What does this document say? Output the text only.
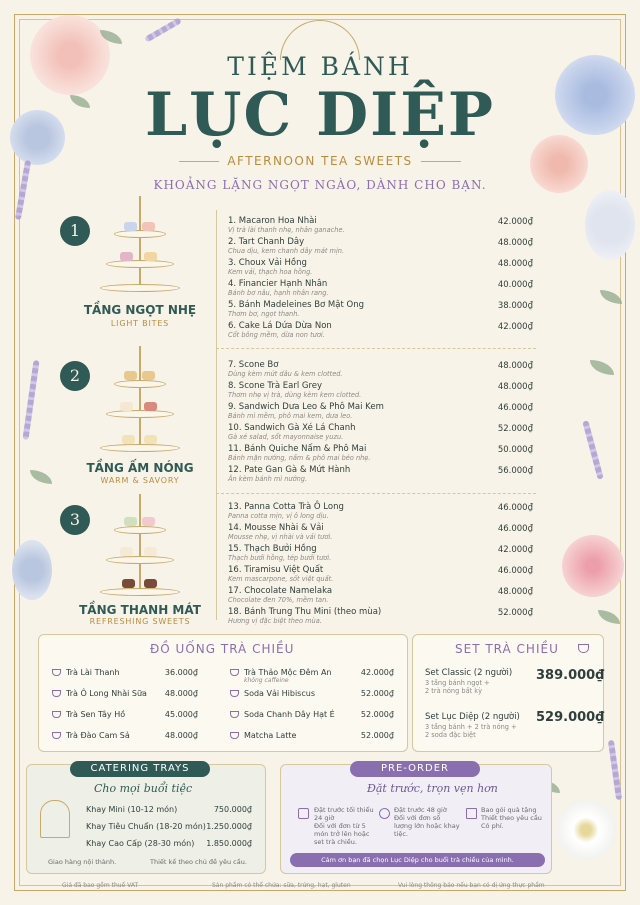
TIỆM BÁNH
LỤC DIỆP
AFTERNOON TEA SWEETS
KHOẢNG LẶNG NGỌT NGÀO, DÀNH CHO BẠN.
1
TẦNG NGỌT NHẸ
LIGHT BITES
2
TẦNG ẤM NÓNG
WARM & SAVORY
3
TẦNG THANH MÁT
REFRESHING SWEETS
1. Macaron Hoa Nhài
Vị trà lài thanh nhẹ, nhân ganache.
42.000₫
2. Tart Chanh Dây
Chua dịu, kem chanh dây mát mịn.
48.000₫
3. Choux Vải Hồng
Kem vải, thạch hoa hồng.
48.000₫
4. Financier Hạnh Nhân
Bánh bơ nâu, hạnh nhân rang.
40.000₫
5. Bánh Madeleines Bơ Mật Ong
Thơm bơ, ngọt thanh.
38.000₫
6. Cake Lá Dứa Dừa Non
Cốt bông mềm, dừa non tươi.
42.000₫
7. Scone Bơ
Dùng kèm mứt dâu & kem clotted.
48.000₫
8. Scone Trà Earl Grey
Thơm nhẹ vị trà, dùng kèm kem clotted.
48.000₫
9. Sandwich Dưa Leo & Phô Mai Kem
Bánh mì mềm, phô mai kem, dưa leo.
46.000₫
10. Sandwich Gà Xé Lá Chanh
Gà xé salad, sốt mayonnaise yuzu.
52.000₫
11. Bánh Quiche Nấm & Phô Mai
Bánh mặn nướng, nấm & phô mai béo nhẹ.
50.000₫
12. Pate Gan Gà & Mứt Hành
Ăn kèm bánh mì nướng.
56.000₫
13. Panna Cotta Trà Ô Long
Panna cotta mịn, vị ô long dịu.
46.000₫
14. Mousse Nhài & Vải
Mousse nhẹ, vị nhài và vải tươi.
46.000₫
15. Thạch Bưởi Hồng
Thạch bưởi hồng, tép bưởi tươi.
42.000₫
16. Tiramisu Việt Quất
Kem mascarpone, sốt việt quất.
46.000₫
17. Chocolate Namelaka
Chocolate đen 70%, mềm tan.
48.000₫
18. Bánh Trung Thu Mini (theo mùa)
Hương vị đặc biệt theo mùa.
52.000₫
ĐỒ UỐNG TRÀ CHIỀU
Trà Lài Thanh	36.000₫
Trà Ô Long Nhài Sữa 48.000₫
Trà Sen Tây Hồ	45.000₫
Trà Đào Cam Sả	48.000₫
Trà Thảo Mộc Đêm An	42.000₫
không caffeine
Soda Vải Hibiscus	52.000₫
Soda Chanh Dây Hạt É	52.000₫
Matcha Latte	52.000₫
SET TRÀ CHIỀU
Set Classic (2 người)
3 tầng bánh ngọt +
2 trà nóng bất kỳ
389.000₫
Set Lục Diệp (2 người)
3 tầng bánh + 2 trà nóng +
2 soda đặc biệt
529.000₫
CATERING TRAYS
Cho mọi buổi tiệc
Khay Mini (10-12 món)	750.000₫
Khay Tiêu Chuẩn (18-20 món) 1.250.000₫
Khay Cao Cấp (28-30 món)	1.850.000₫
Giao hàng nội thành.	Thiết kế theo chủ đề yêu cầu.
PRE-ORDER
Đặt trước, trọn vẹn hơn
Đặt trước tối thiểu 24 giờ
Đối với đơn từ 5 món trở lên hoặc set trà chiều.
Đặt trước 48 giờ
Đối với đơn số lượng lớn hoặc khay tiệc.
Bao gói quà tặng
Thiết theo yêu cầu Có phí.
Cảm ơn bạn đã chọn Lục Diệp cho buổi trà chiều của mình.
Giá đã bao gồm thuế VAT	Sản phẩm có thể chứa: sữa, trứng, hạt, gluten	Vui lòng thông báo nếu bạn có dị ứng thực phẩm
